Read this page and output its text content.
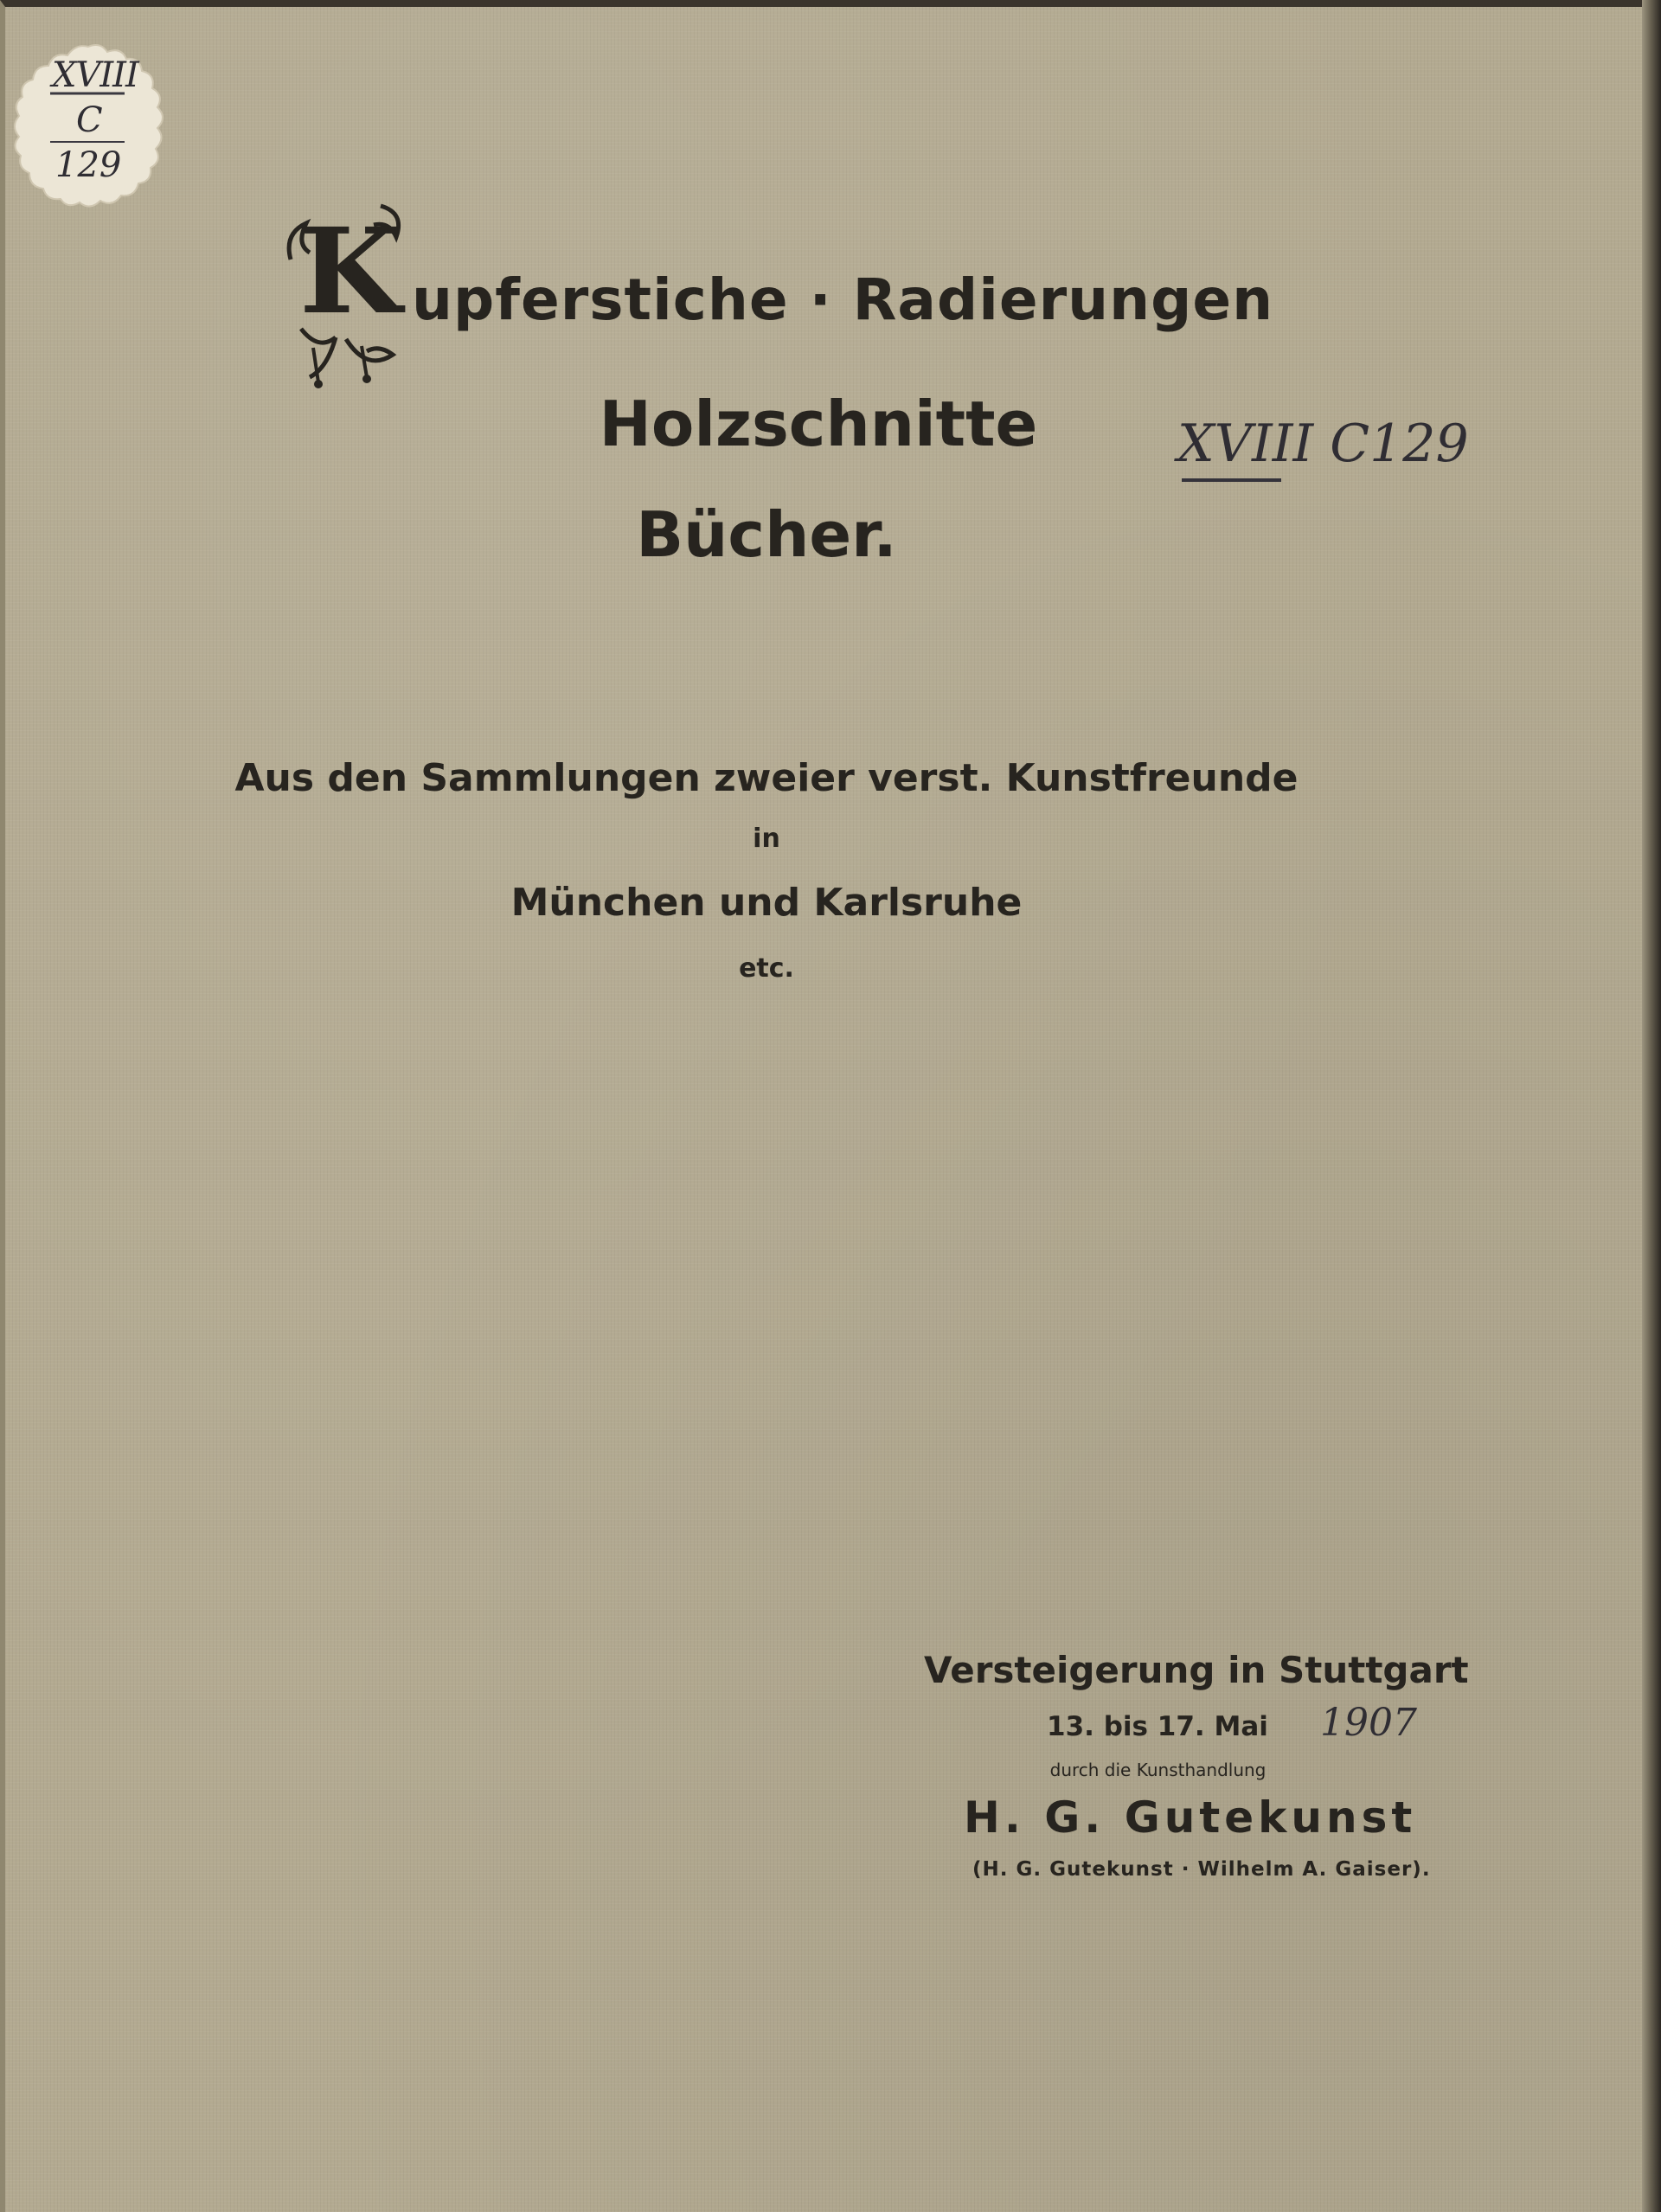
XVIII
C
129
K upferstiche · Radierungen
Holzschnitte
Bücher.
XVIII C129
Aus den Sammlungen zweier verst. Kunstfreunde
in
München und Karlsruhe
etc.
Versteigerung in Stuttgart
13. bis 17. Mai 1907
durch die Kunsthandlung
H. G. Gutekunst
(H. G. Gutekunst · Wilhelm A. Gaiser).
